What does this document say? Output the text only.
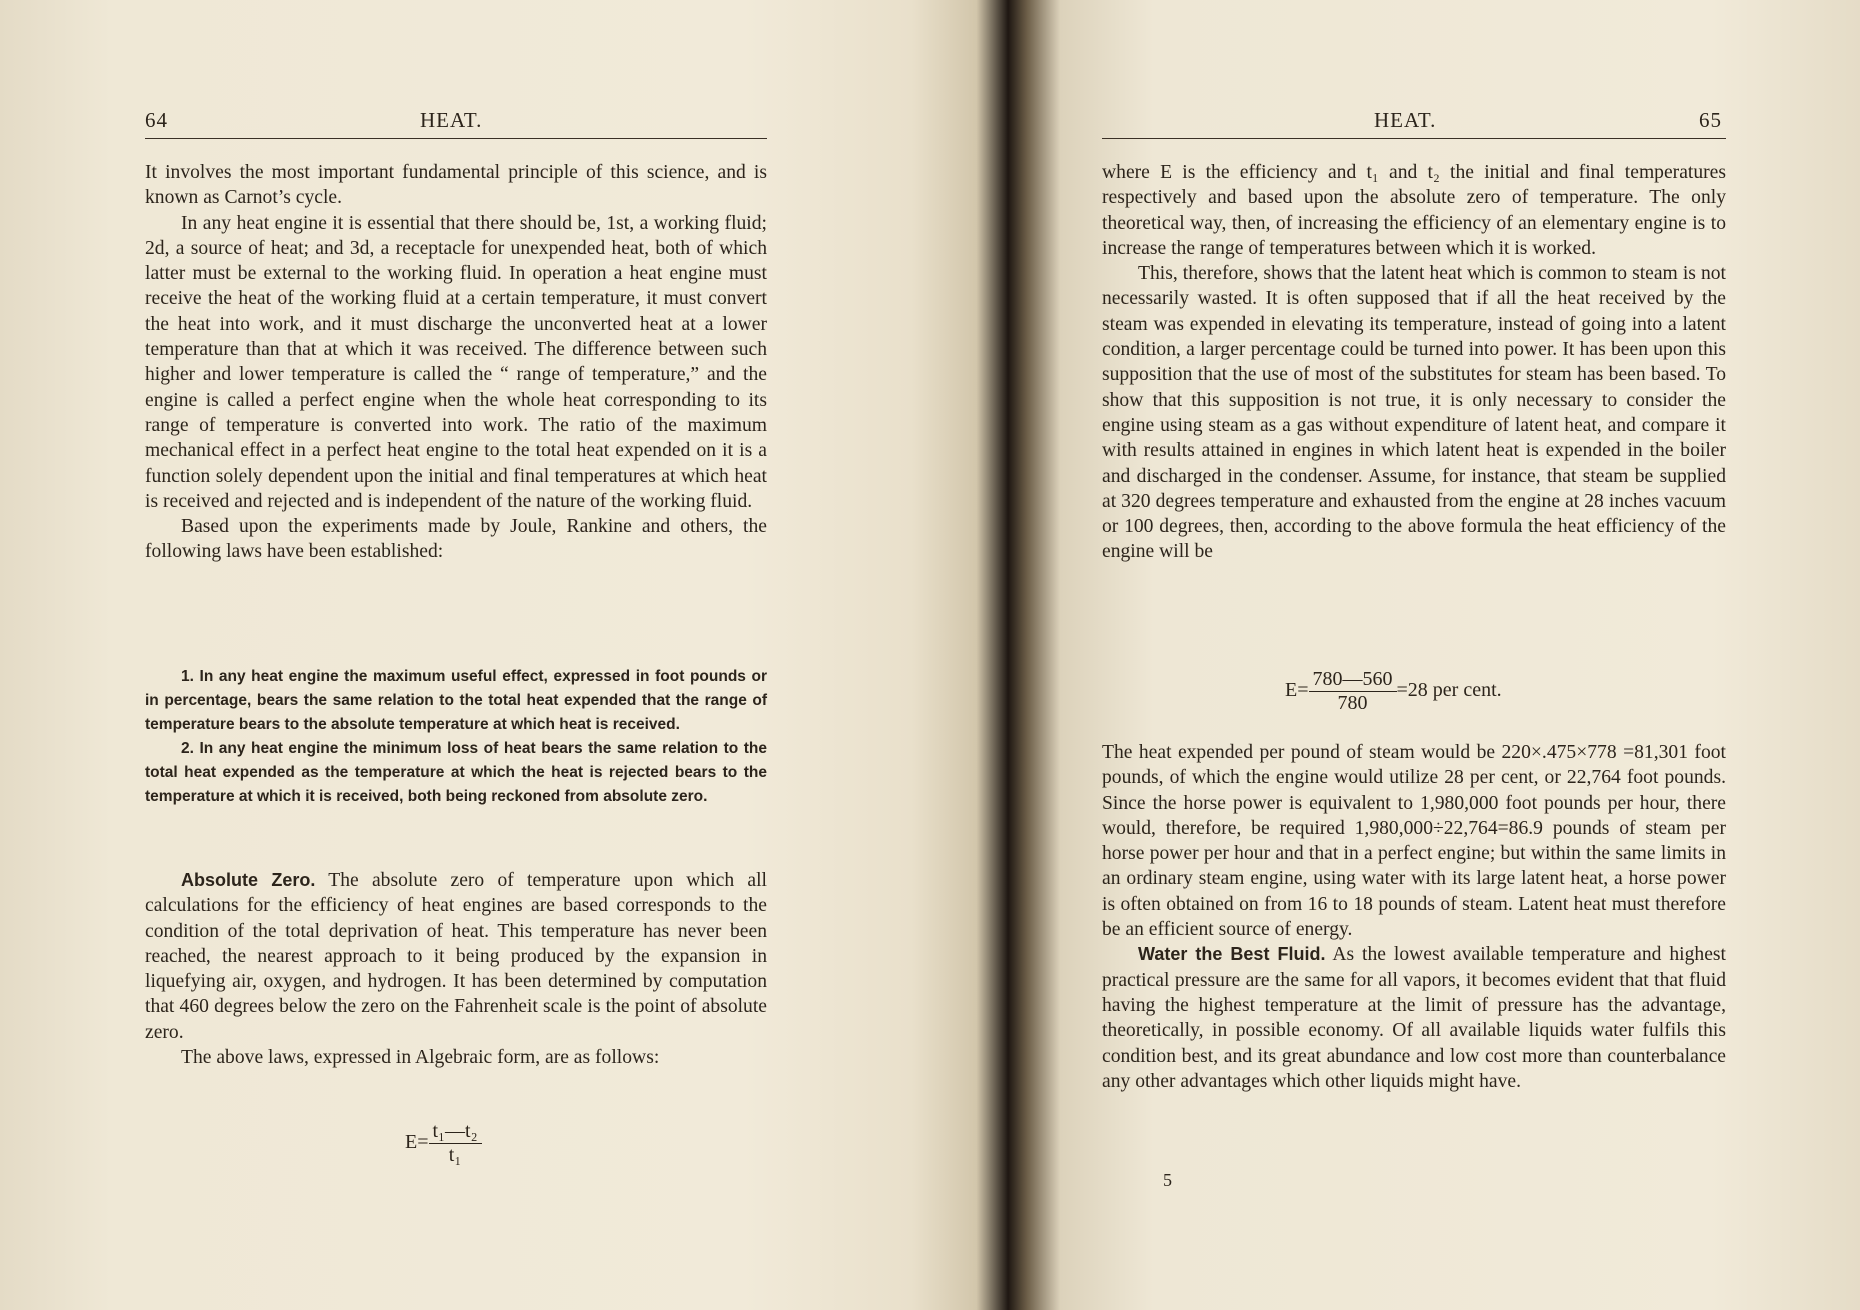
64	HEAT.

It involves the most important fundamental principle of this science, and is known as Carnot’s cycle.

In any heat engine it is essential that there should be, 1st, a working fluid; 2d, a source of heat; and 3d, a receptacle for unexpended heat, both of which latter must be external to the working fluid. In operation a heat engine must receive the heat of the working fluid at a certain temperature, it must convert the heat into work, and it must discharge the unconverted heat at a lower temperature than that at which it was received. The difference between such higher and lower temperature is called the “ range of temperature,” and the engine is called a perfect engine when the whole heat corresponding to its range of temperature is converted into work. The ratio of the maximum mechanical effect in a perfect heat engine to the total heat expended on it is a function solely dependent upon the initial and final temperatures at which heat is received and rejected and is independent of the nature of the working fluid.

Based upon the experiments made by Joule, Rankine and others, the following laws have been established:

1. In any heat engine the maximum useful effect, expressed in foot pounds or in percentage, bears the same relation to the total heat expended that the range of temperature bears to the absolute temperature at which heat is received.

2. In any heat engine the minimum loss of heat bears the same relation to the total heat expended as the temperature at which the heat is rejected bears to the temperature at which it is received, both being reckoned from absolute zero.

Absolute Zero. The absolute zero of temperature upon which all calculations for the efficiency of heat engines are based corresponds to the condition of the total deprivation of heat. This temperature has never been reached, the nearest approach to it being produced by the expansion in liquefying air, oxygen, and hydrogen. It has been determined by computation that 460 degrees below the zero on the Fahrenheit scale is the point of absolute zero.

The above laws, expressed in Algebraic form, are as follows:

$E= \frac{\text{t₁—t₂}}{\text{t₁}}$
HEAT.	65

where E is the efficiency and t₁ and t₂ the initial and final temperatures respectively and based upon the absolute zero of temperature. The only theoretical way, then, of increasing the efficiency of an elementary engine is to increase the range of temperatures between which it is worked.

This, therefore, shows that the latent heat which is common to steam is not necessarily wasted. It is often supposed that if all the heat received by the steam was expended in elevating its temperature, instead of going into a latent condition, a larger percentage could be turned into power. It has been upon this supposition that the use of most of the substitutes for steam has been based. To show that this supposition is not true, it is only necessary to consider the engine using steam as a gas without expenditure of latent heat, and compare it with results attained in engines in which latent heat is expended in the boiler and discharged in the condenser. Assume, for instance, that steam be supplied at 320 degrees temperature and exhausted from the engine at 28 inches vacuum or 100 degrees, then, according to the above formula the heat efficiency of the engine will be

$E= \frac{780—560}{780} =28$ per cent.

The heat expended per pound of steam would be 220×.475×778 =81,301 foot pounds, of which the engine would utilize 28 per cent, or 22,764 foot pounds. Since the horse power is equivalent to 1,980,000 foot pounds per hour, there would, therefore, be required 1,980,000÷22,764=86.9 pounds of steam per horse power per hour and that in a perfect engine; but within the same limits in an ordinary steam engine, using water with its large latent heat, a horse power is often obtained on from 16 to 18 pounds of steam. Latent heat must therefore be an efficient source of energy.

Water the Best Fluid. As the lowest available temperature and highest practical pressure are the same for all vapors, it becomes evident that that fluid having the highest temperature at the limit of pressure has the advantage, theoretically, in possible economy. Of all available liquids water fulfils this condition best, and its great abundance and low cost more than counterbalance any other advantages which other liquids might have.

5
